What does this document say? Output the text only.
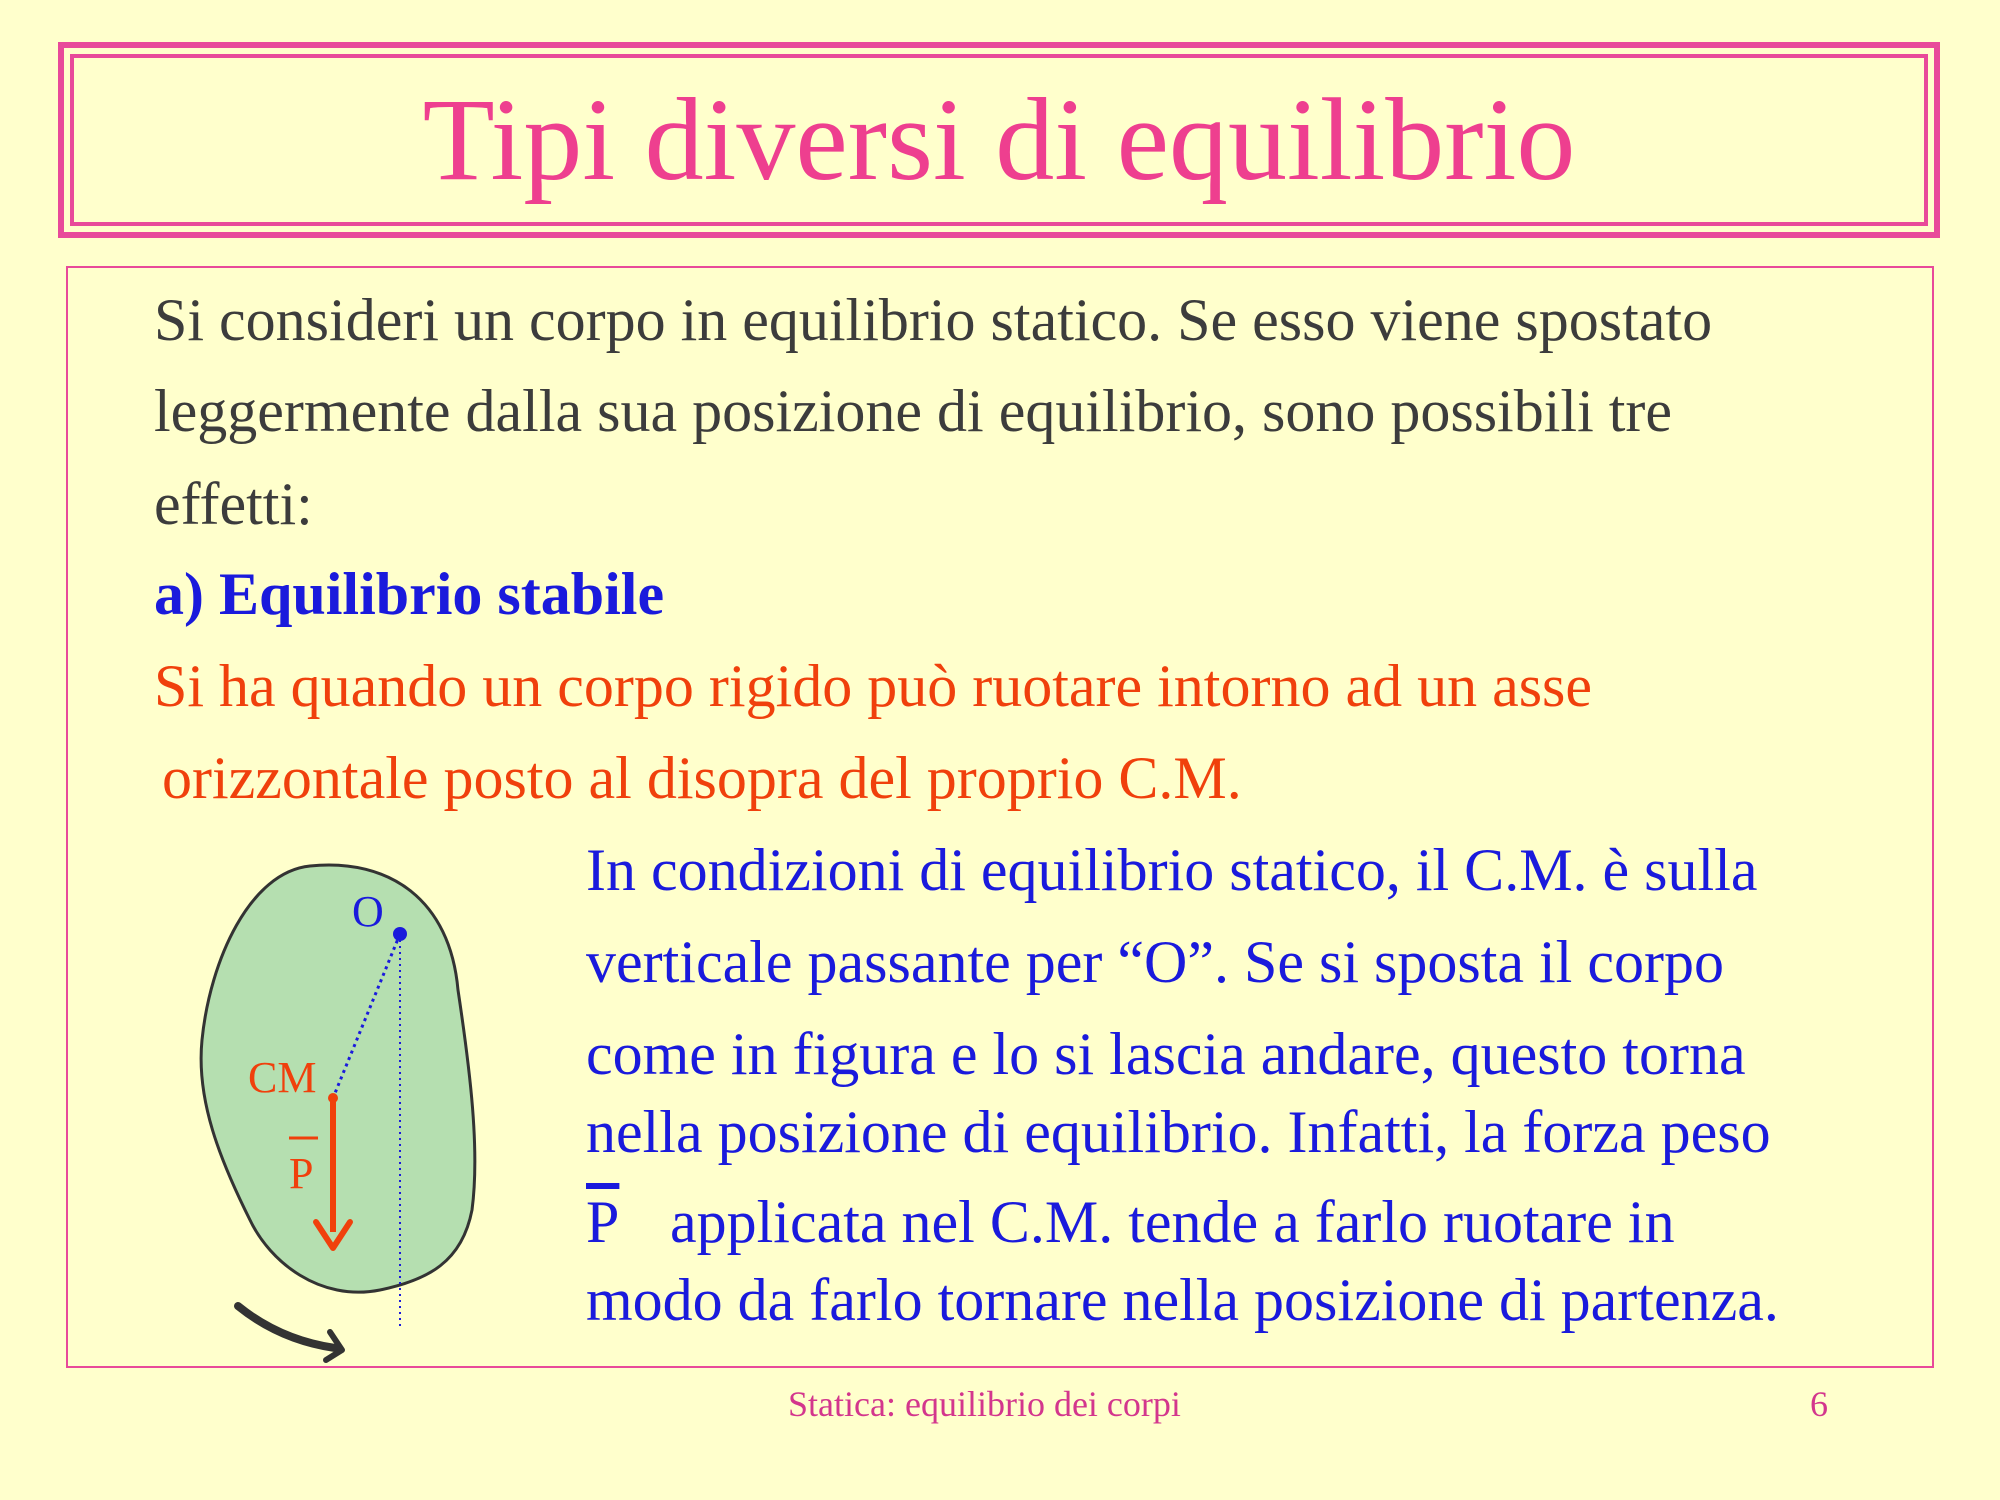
Tipi diversi di equilibrio
Si consideri un corpo in equilibrio statico. Se esso viene spostato
leggermente dalla sua posizione di equilibrio, sono possibili tre
effetti:
a) Equilibrio stabile
Si ha quando un corpo rigido può ruotare intorno ad un asse
orizzontale posto al disopra del proprio C.M.
In condizioni di equilibrio statico, il C.M. è sulla
verticale passante per “O”. Se si sposta il corpo
come in figura e lo si lascia andare, questo torna
nella posizione di equilibrio. Infatti, la forza peso
$\overline{P}$ applicata nel C.M. tende a farlo ruotare in
modo da farlo tornare nella posizione di partenza.
O
CM
P
Statica: equilibrio dei corpi	6
